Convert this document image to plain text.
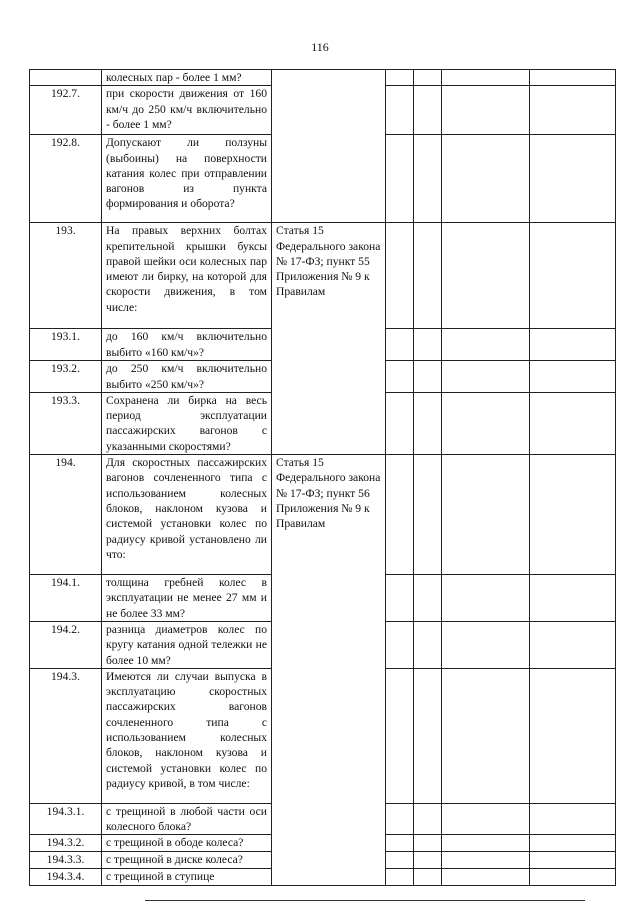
116
	колесных пар - более 1 мм?					
192.7.	при скорости движения от 160 км/ч до 250 км/ч включительно - более 1 мм?					
192.8.	Допускают ли ползуны (выбоины) на поверхности катания колес при отправлении вагонов из пункта формирования и оборота?					
193.	На правых верхних болтах крепительной крышки буксы правой шейки оси колесных пар имеют ли бирку, на которой для скорости движения, в том числе:	Статья 15 Федерального закона № 17-ФЗ; пункт 55 Приложения № 9 к Правилам				
193.1.	до 160 км/ч включительно выбито «160 км/ч»?					
193.2.	до 250 км/ч включительно выбито «250 км/ч»?					
193.3.	Сохранена ли бирка на весь период эксплуатации пассажирских вагонов с указанными скоростями?					
194.	Для скоростных пассажирских вагонов сочлененного типа с использованием колесных блоков, наклоном кузова и системой установки колес по радиусу кривой установлено ли что:	Статья 15 Федерального закона № 17-ФЗ; пункт 56 Приложения № 9 к Правилам				
194.1.	толщина гребней колес в эксплуатации не менее 27 мм и не более 33 мм?					
194.2.	разница диаметров колес по кругу катания одной тележки не более 10 мм?					
194.3.	Имеются ли случаи выпуска в эксплуатацию скоростных пассажирских вагонов сочлененного типа с использованием колесных блоков, наклоном кузова и системой установки колес по радиусу кривой, в том числе:					
194.3.1.	с трещиной в любой части оси колесного блока?					
194.3.2.	с трещиной в ободе колеса?					
194.3.3.	с трещиной в диске колеса?					
194.3.4.	с трещиной в ступице					
